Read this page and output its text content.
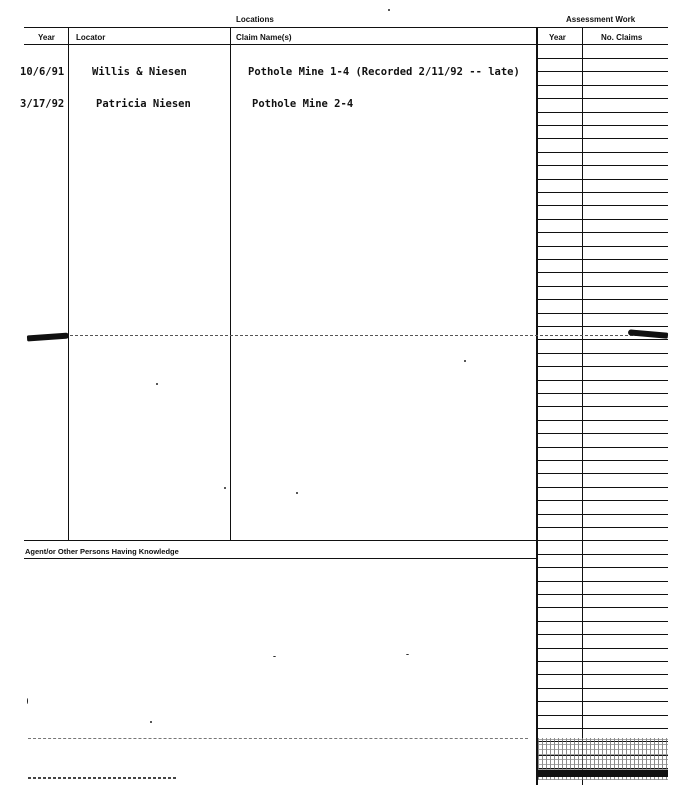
Locations	Assessment Work
Year	Locator	Claim Name(s)	Year	No. Claims
Agent/or Other Persons Having Knowledge
10/6/91	Willis & Niesen	Pothole Mine 1-4 (Recorded 2/11/92 -- late)
3/17/92	Patricia Niesen	Pothole Mine 2-4
